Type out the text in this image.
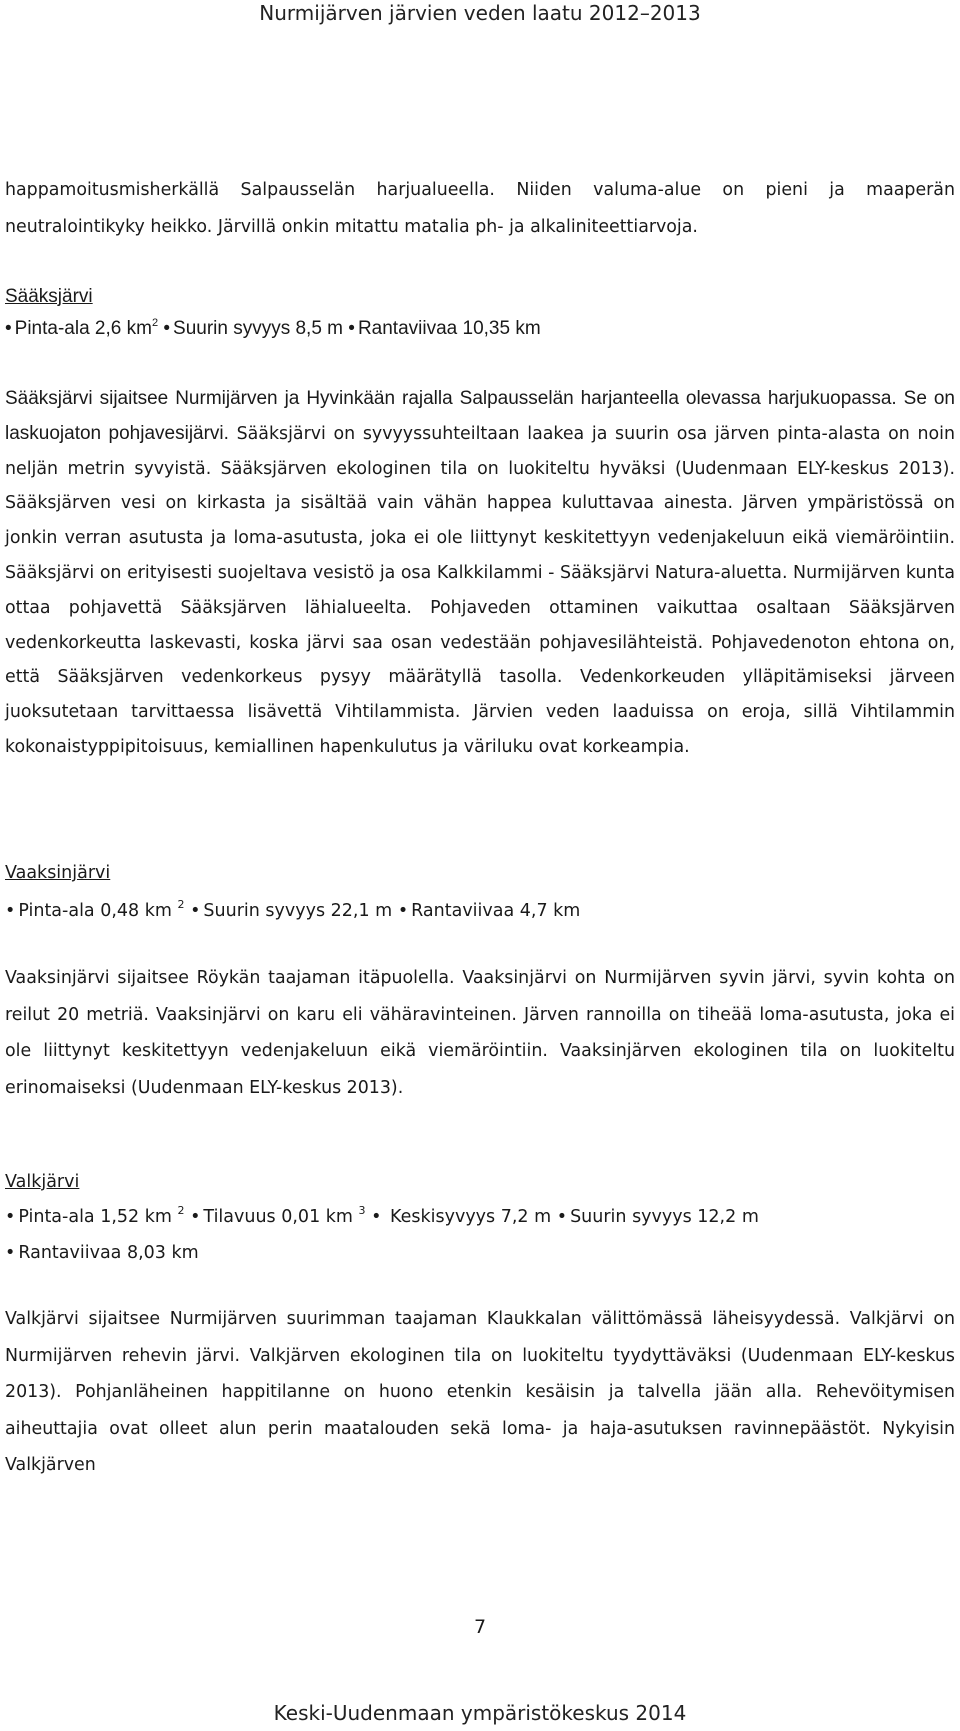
Nurmijärven järvien veden laatu 2012–2013

happamoitusmisherkällä Salpausselän harjualueella. Niiden valuma-alue on pieni ja maaperän neutralointikyky heikko. Järvillä onkin mitattu matalia ph- ja alkaliniteettiarvoja.

Sääksjärvi
• Pinta-ala 2,6 $km^2$ • Suurin syvyys 8,5 m • Rantaviivaa 10,35 km

Sääksjärvi sijaitsee Nurmijärven ja Hyvinkään rajalla Salpausselän harjanteella olevassa harjukuopassa. Se on laskuojaton pohjavesijärvi. Sääksjärvi on syvyyssuhteiltaan laakea ja suurin osa järven pinta-alasta on noin neljän metrin syvyistä. Sääksjärven ekologinen tila on luokiteltu hyväksi (Uudenmaan ELY-keskus 2013). Sääksjärven vesi on kirkasta ja sisältää vain vähän happea kuluttavaa ainesta. Järven ympäristössä on jonkin verran asutusta ja loma-asutusta, joka ei ole liittynyt keskitettyyn vedenjakeluun eikä viemäröintiin. Sääksjärvi on erityisesti suojeltava vesistö ja osa Kalkkilammi - Sääksjärvi Natura-aluetta. Nurmijärven kunta ottaa pohjavettä Sääksjärven lähialueelta. Pohjaveden ottaminen vaikuttaa osaltaan Sääksjärven vedenkorkeutta laskevasti, koska järvi saa osan vedestään pohjavesilähteistä. Pohjavedenoton ehtona on, että Sääksjärven vedenkorkeus pysyy määrätyllä tasolla. Vedenkorkeuden ylläpitämiseksi järveen juoksutetaan tarvittaessa lisävettä Vihtilammista. Järvien veden laaduissa on eroja, sillä Vihtilammin kokonaistyppipitoisuus, kemiallinen hapenkulutus ja väriluku ovat korkeampia.

Vaaksinjärvi
• Pinta-ala 0,48 km $^2$ • Suurin syvyys 22,1 m • Rantaviivaa 4,7 km

Vaaksinjärvi sijaitsee Röykän taajaman itäpuolella. Vaaksinjärvi on Nurmijärven syvin järvi, syvin kohta on reilut 20 metriä. Vaaksinjärvi on karu eli vähäravinteinen. Järven rannoilla on tiheää loma-asutusta, joka ei ole liittynyt keskitettyyn vedenjakeluun eikä viemäröintiin. Vaaksinjärven ekologinen tila on luokiteltu erinomaiseksi (Uudenmaan ELY-keskus 2013).

Valkjärvi
• Pinta-ala 1,52 km $^2$ • Tilavuus 0,01 km $^3$ • Keskisyvyys 7,2 m • Suurin syvyys 12,2 m
• Rantaviivaa 8,03 km

Valkjärvi sijaitsee Nurmijärven suurimman taajaman Klaukkalan välittömässä läheisyydessä. Valkjärvi on Nurmijärven rehevin järvi. Valkjärven ekologinen tila on luokiteltu tyydyttäväksi (Uudenmaan ELY-keskus 2013). Pohjanläheinen happitilanne on huono etenkin kesäisin ja talvella jään alla. Rehevöitymisen aiheuttajia ovat olleet alun perin maatalouden sekä loma- ja haja-asutuksen ravinnepäästöt. Nykyisin Valkjärven

7
Keski-Uudenmaan ympäristökeskus 2014
